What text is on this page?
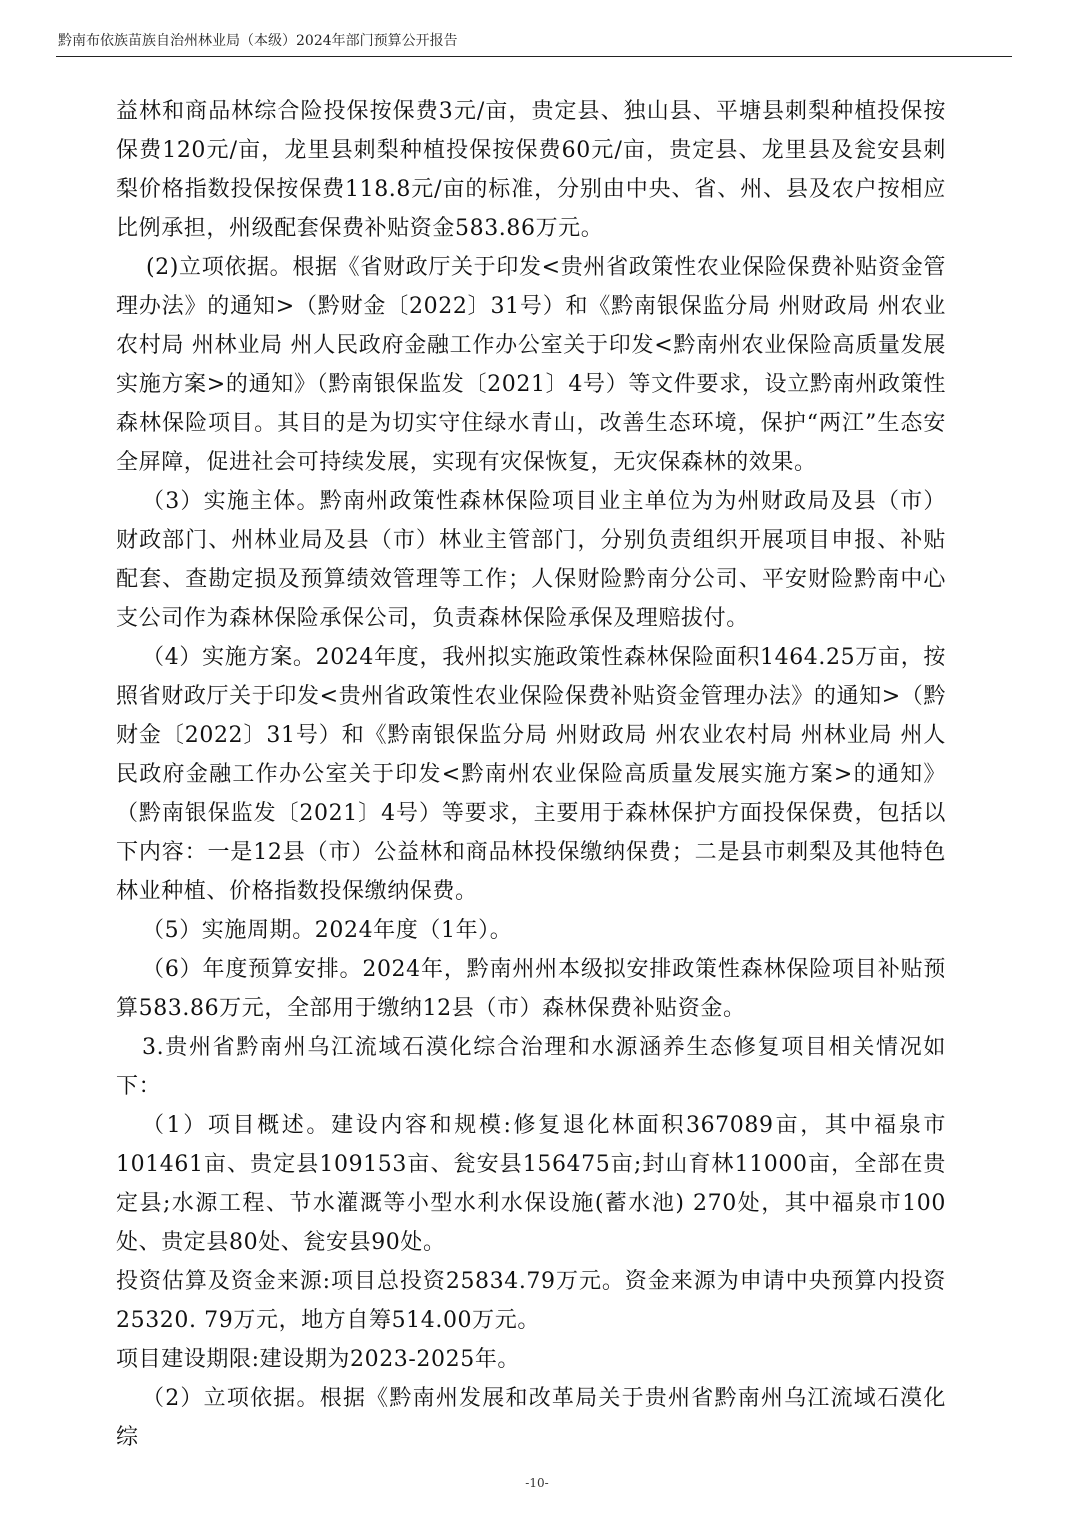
黔南布依族苗族自治州林业局（本级）2024年部门预算公开报告

益林和商品林综合险投保按保费3元/亩，贵定县、独山县、平塘县刺梨种植投保按保费120元/亩，龙里县刺梨种植投保按保费60元/亩，贵定县、龙里县及瓮安县刺梨价格指数投保按保费118.8元/亩的标准，分别由中央、省、州、县及农户按相应比例承担，州级配套保费补贴资金583.86万元。

(2)立项依据。根据《省财政厅关于印发<贵州省政策性农业保险保费补贴资金管理办法》的通知>（黔财金〔2022〕31号）和《黔南银保监分局 州财政局 州农业农村局 州林业局 州人民政府金融工作办公室关于印发<黔南州农业保险高质量发展实施方案>的通知》（黔南银保监发〔2021〕4号）等文件要求，设立黔南州政策性森林保险项目。其目的是为切实守住绿水青山，改善生态环境，保护“两江”生态安全屏障，促进社会可持续发展，实现有灾保恢复，无灾保森林的效果。

（3）实施主体。黔南州政策性森林保险项目业主单位为为州财政局及县（市）财政部门、州林业局及县（市）林业主管部门，分别负责组织开展项目申报、补贴配套、查勘定损及预算绩效管理等工作；人保财险黔南分公司、平安财险黔南中心支公司作为森林保险承保公司，负责森林保险承保及理赔拔付。

（4）实施方案。2024年度，我州拟实施政策性森林保险面积1464.25万亩，按照省财政厅关于印发<贵州省政策性农业保险保费补贴资金管理办法》的通知>（黔财金〔2022〕31号）和《黔南银保监分局 州财政局 州农业农村局 州林业局 州人民政府金融工作办公室关于印发<黔南州农业保险高质量发展实施方案>的通知》（黔南银保监发〔2021〕4号）等要求，主要用于森林保护方面投保保费，包括以下内容：一是12县（市）公益林和商品林投保缴纳保费；二是县市刺梨及其他特色林业种植、价格指数投保缴纳保费。

（5）实施周期。2024年度（1年）。

（6）年度预算安排。2024年，黔南州州本级拟安排政策性森林保险项目补贴预算583.86万元，全部用于缴纳12县（市）森林保费补贴资金。

3.贵州省黔南州乌江流域石漠化综合治理和水源涵养生态修复项目相关情况如下：

（1）项目概述。建设内容和规模:修复退化林面积367089亩，其中福泉市101461亩、贵定县109153亩、瓮安县156475亩;封山育林11000亩，全部在贵定县;水源工程、节水灌溉等小型水利水保设施(蓄水池) 270处，其中福泉市100处、贵定县80处、瓮安县90处。

投资估算及资金来源:项目总投资25834.79万元。资金来源为申请中央预算内投资25320. 79万元，地方自筹514.00万元。

项目建设期限:建设期为2023-2025年。

（2）立项依据。根据《黔南州发展和改革局关于贵州省黔南州乌江流域石漠化综

-10-
